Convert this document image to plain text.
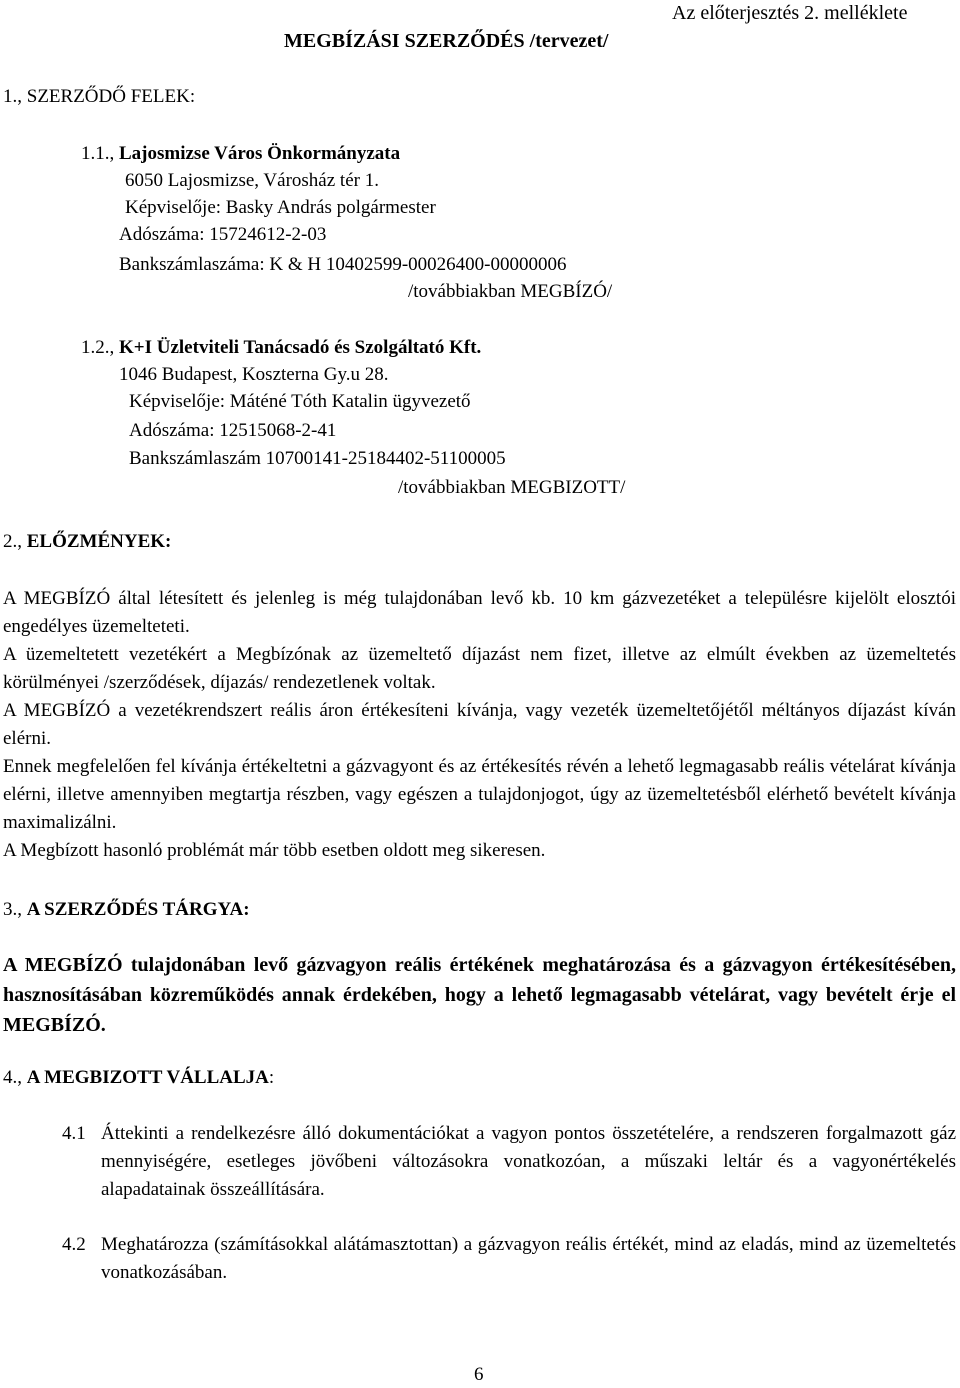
Az előterjesztés 2. melléklete
MEGBÍZÁSI SZERZŐDÉS /tervezet/
1., SZERZŐDŐ FELEK:
1.1., Lajosmizse Város Önkormányzata
6050 Lajosmizse, Városház tér 1.
Képviselője: Basky András polgármester
Adószáma: 15724612-2-03
Bankszámlaszáma: K & H 10402599-00026400-00000006
/továbbiakban MEGBÍZÓ/
1.2., K+I Üzletviteli Tanácsadó és Szolgáltató Kft.
1046 Budapest, Koszterna Gy.u 28.
Képviselője: Máténé Tóth Katalin ügyvezető
Adószáma: 12515068-2-41
Bankszámlaszám 10700141-25184402-51100005
/továbbiakban MEGBIZOTT/
2., ELŐZMÉNYEK:

A MEGBÍZÓ által létesített és jelenleg is még tulajdonában levő kb. 10 km gázvezetéket a településre kijelölt elosztói engedélyes üzemelteteti.

A üzemeltetett vezetékért a Megbízónak az üzemeltető díjazást nem fizet, illetve az elmúlt években az üzemeltetés körülményei /szerződések, díjazás/ rendezetlenek voltak.

A MEGBÍZÓ a vezetékrendszert reális áron értékesíteni kívánja, vagy vezeték üzemeltetőjétől méltányos díjazást kíván elérni.

Ennek megfelelően fel kívánja értékeltetni a gázvagyont és az értékesítés révén a lehető legmagasabb reális vételárat kívánja elérni, illetve amennyiben megtartja részben, vagy egészen a tulajdonjogot, úgy az üzemeltetésből elérhető bevételt kívánja maximalizálni.

A Megbízott hasonló problémát már több esetben oldott meg sikeresen.

3., A SZERZŐDÉS TÁRGYA:
A MEGBÍZÓ tulajdonában levő gázvagyon reális értékének meghatározása és a gázvagyon értékesítésében, hasznosításában közreműködés annak érdekében, hogy a lehető legmagasabb vételárat, vagy bevételt érje el MEGBÍZÓ.
4., A MEGBIZOTT VÁLLALJA:
4.1 Áttekinti a rendelkezésre álló dokumentációkat a vagyon pontos összetételére, a rendszeren forgalmazott gáz mennyiségére, esetleges jövőbeni változásokra vonatkozóan, a műszaki leltár és a vagyonértékelés alapadatainak összeállítására.
4.2 Meghatározza (számításokkal alátámasztottan) a gázvagyon reális értékét, mind az eladás, mind az üzemeltetés vonatkozásában.
6
